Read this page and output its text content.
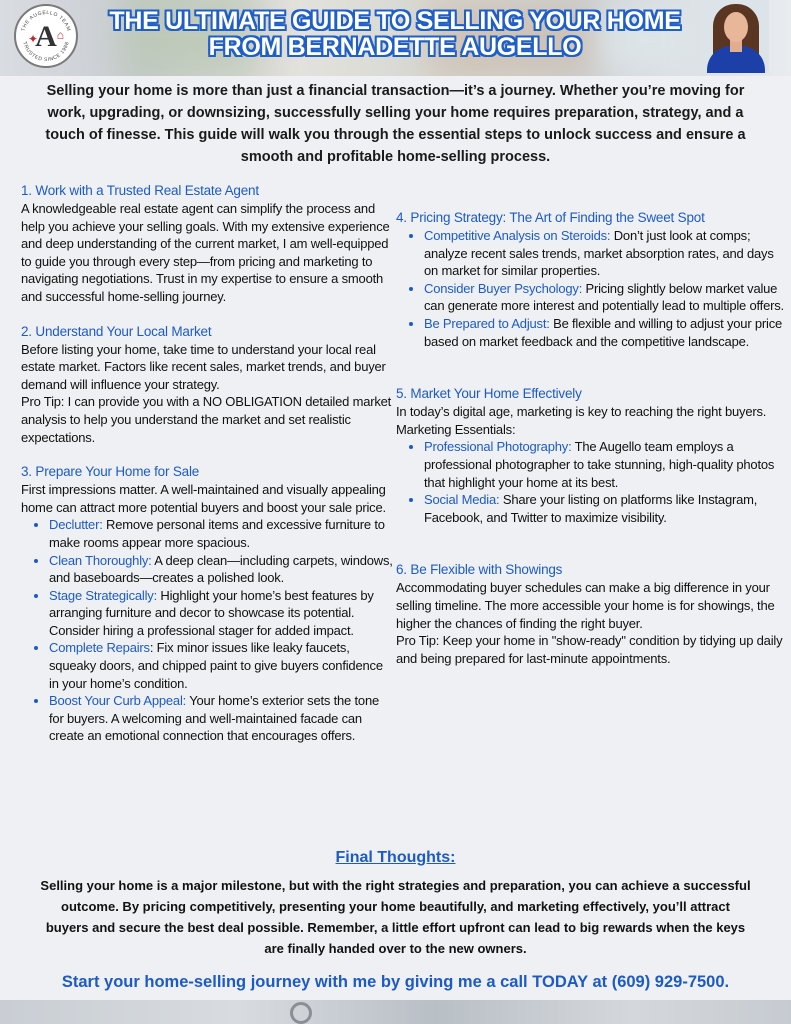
THE AUGELLO TEAM
TRUSTED SINCE 1988
A
✦ ⌂	THE ULTIMATE GUIDE TO SELLING YOUR HOME
FROM BERNADETTE AUGELLO
Selling your home is more than just a financial transaction—it’s a journey. Whether you’re moving for work, upgrading, or downsizing, successfully selling your home requires preparation, strategy, and a touch of finesse. This guide will walk you through the essential steps to unlock success and ensure a smooth and profitable home-selling process.
1. Work with a Trusted Real Estate Agent

A knowledgeable real estate agent can simplify the process and help you achieve your selling goals. With my extensive experience and deep understanding of the current market, I am well-equipped to guide you through every step—from pricing and marketing to navigating negotiations. Trust in my expertise to ensure a smooth and successful home-selling journey.

2. Understand Your Local Market

Before listing your home, take time to understand your local real estate market. Factors like recent sales, market trends, and buyer demand will influence your strategy.

Pro Tip: I can provide you with a NO OBLIGATION detailed market analysis to help you understand the market and set realistic expectations.

3. Prepare Your Home for Sale

First impressions matter. A well-maintained and visually appealing home can attract more potential buyers and boost your sale price.

• Declutter: Remove personal items and excessive furniture to make rooms appear more spacious.
• Clean Thoroughly: A deep clean—including carpets, windows, and baseboards—creates a polished look.
• Stage Strategically: Highlight your home’s best features by arranging furniture and decor to showcase its potential. Consider hiring a professional stager for added impact.
• Complete Repairs: Fix minor issues like leaky faucets, squeaky doors, and chipped paint to give buyers confidence in your home’s condition.
• Boost Your Curb Appeal: Your home’s exterior sets the tone for buyers. A welcoming and well-maintained facade can create an emotional connection that encourages offers.
4. Pricing Strategy: The Art of Finding the Sweet Spot
• Competitive Analysis on Steroids: Don’t just look at comps; analyze recent sales trends, market absorption rates, and days on market for similar properties.
• Consider Buyer Psychology: Pricing slightly below market value can generate more interest and potentially lead to multiple offers.
• Be Prepared to Adjust: Be flexible and willing to adjust your price based on market feedback and the competitive landscape.
5. Market Your Home Effectively

In today’s digital age, marketing is key to reaching the right buyers.

Marketing Essentials:

• Professional Photography: The Augello team employs a professional photographer to take stunning, high-quality photos that highlight your home at its best.
• Social Media: Share your listing on platforms like Instagram, Facebook, and Twitter to maximize visibility.
6. Be Flexible with Showings

Accommodating buyer schedules can make a big difference in your selling timeline. The more accessible your home is for showings, the higher the chances of finding the right buyer.

Pro Tip: Keep your home in "show-ready" condition by tidying up daily and being prepared for last-minute appointments.

Final Thoughts:
Selling your home is a major milestone, but with the right strategies and preparation, you can achieve a successful outcome. By pricing competitively, presenting your home beautifully, and marketing effectively, you’ll attract buyers and secure the best deal possible. Remember, a little effort upfront can lead to big rewards when the keys are finally handed over to the new owners.
Start your home-selling journey with me by giving me a call TODAY at (609) 929-7500.
